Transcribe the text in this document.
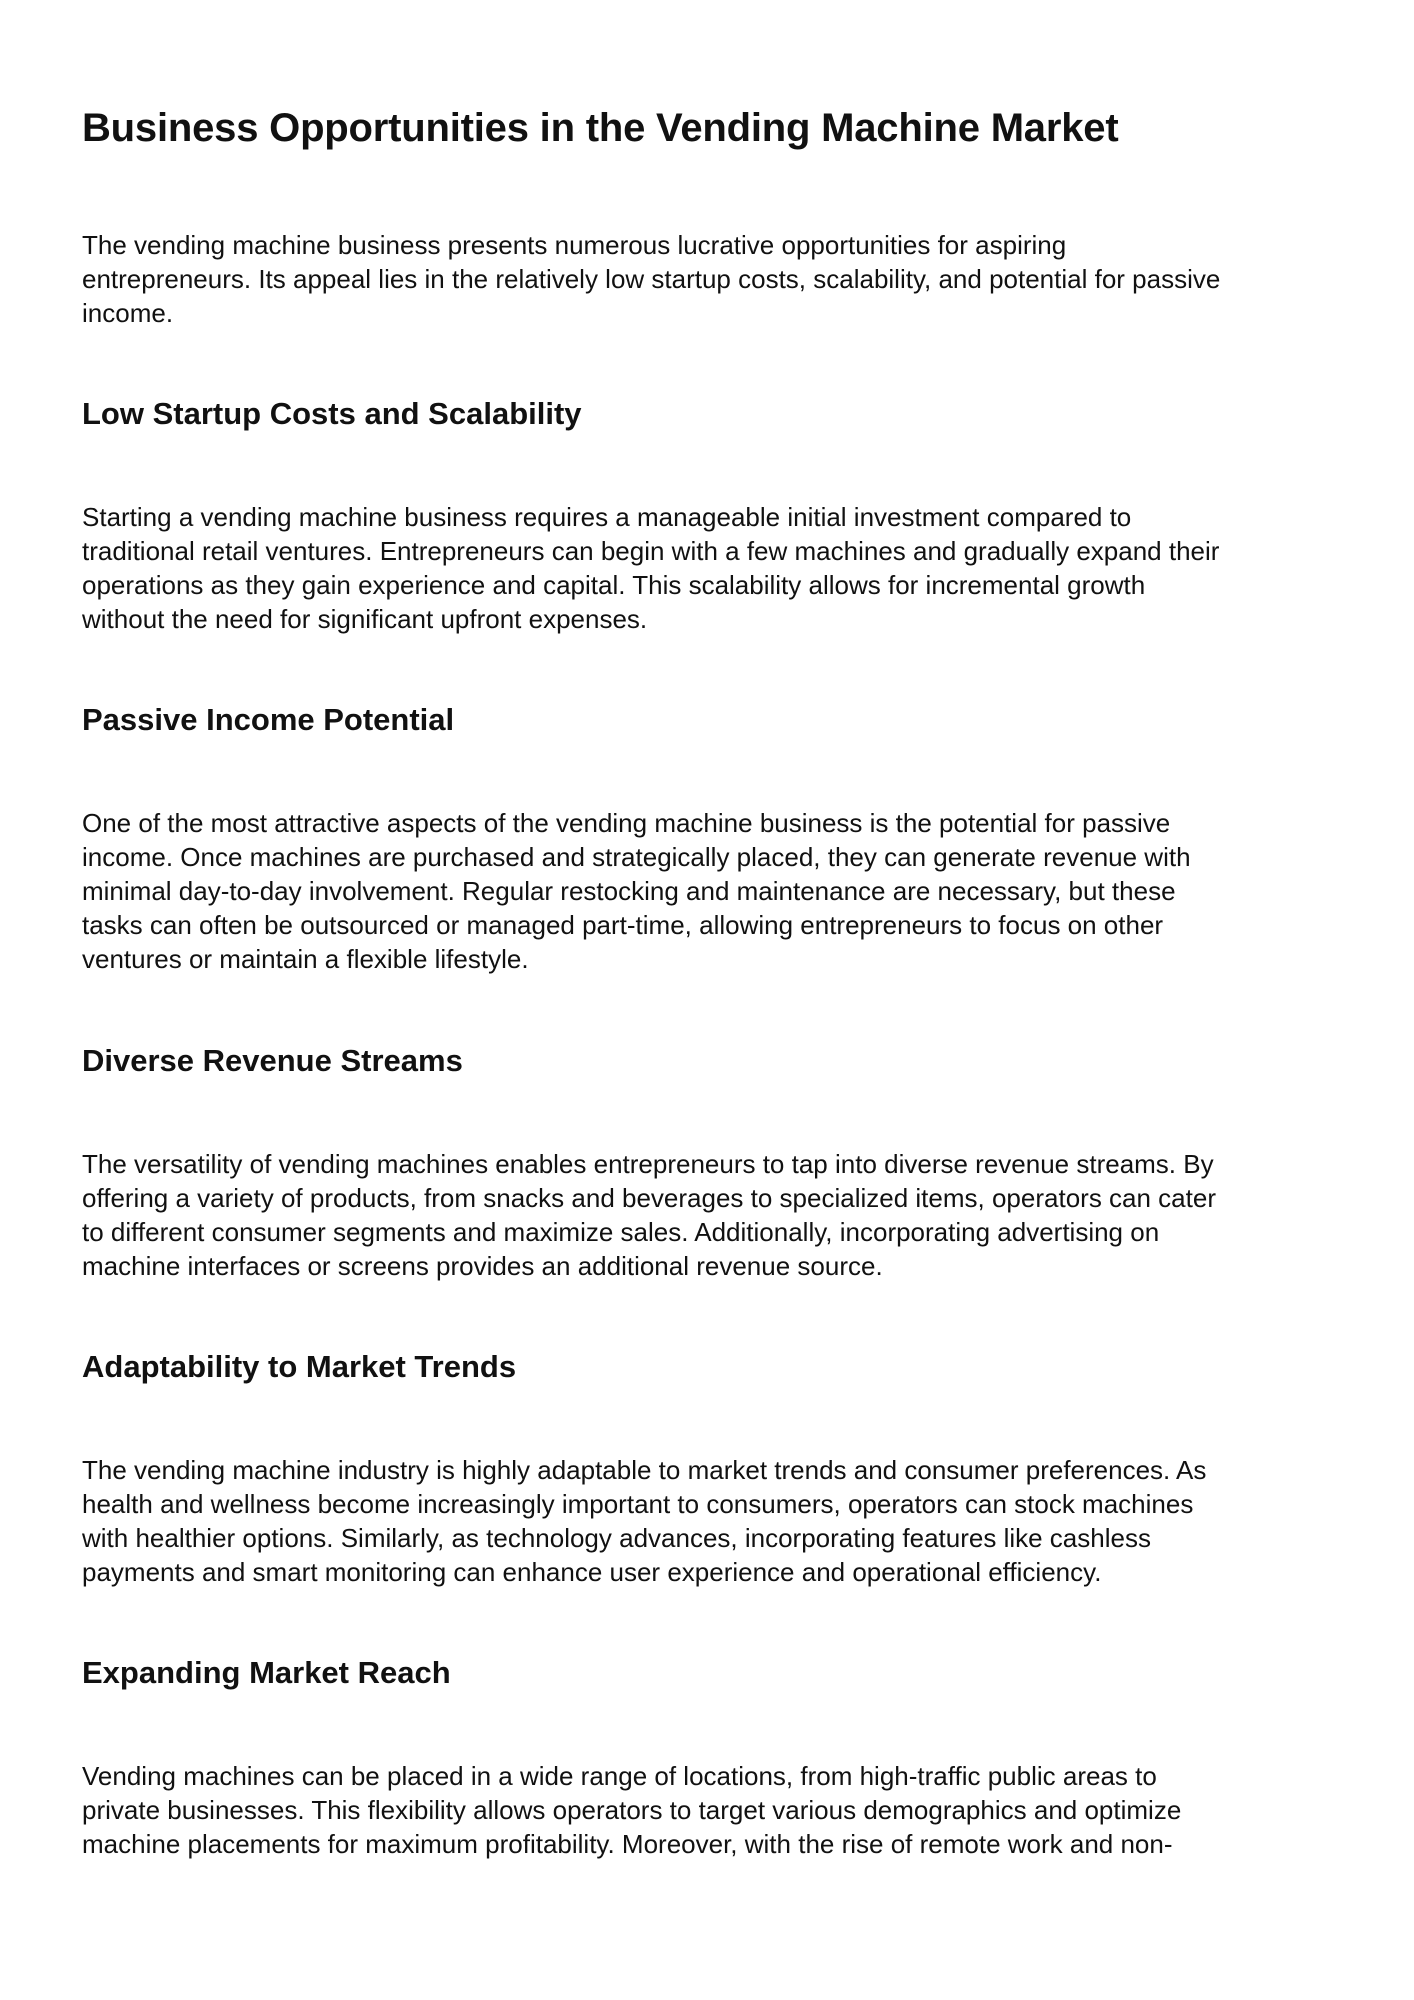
Business Opportunities in the Vending Machine Market

The vending machine business presents numerous lucrative opportunities for aspiring
entrepreneurs. Its appeal lies in the relatively low startup costs, scalability, and potential for passive
income.

Low Startup Costs and Scalability

Starting a vending machine business requires a manageable initial investment compared to
traditional retail ventures. Entrepreneurs can begin with a few machines and gradually expand their
operations as they gain experience and capital. This scalability allows for incremental growth
without the need for significant upfront expenses.

Passive Income Potential

One of the most attractive aspects of the vending machine business is the potential for passive
income. Once machines are purchased and strategically placed, they can generate revenue with
minimal day-to-day involvement. Regular restocking and maintenance are necessary, but these
tasks can often be outsourced or managed part-time, allowing entrepreneurs to focus on other
ventures or maintain a flexible lifestyle.

Diverse Revenue Streams

The versatility of vending machines enables entrepreneurs to tap into diverse revenue streams. By
offering a variety of products, from snacks and beverages to specialized items, operators can cater
to different consumer segments and maximize sales. Additionally, incorporating advertising on
machine interfaces or screens provides an additional revenue source.

Adaptability to Market Trends

The vending machine industry is highly adaptable to market trends and consumer preferences. As
health and wellness become increasingly important to consumers, operators can stock machines
with healthier options. Similarly, as technology advances, incorporating features like cashless
payments and smart monitoring can enhance user experience and operational efficiency.

Expanding Market Reach

Vending machines can be placed in a wide range of locations, from high-traffic public areas to
private businesses. This flexibility allows operators to target various demographics and optimize
machine placements for maximum profitability. Moreover, with the rise of remote work and non-
